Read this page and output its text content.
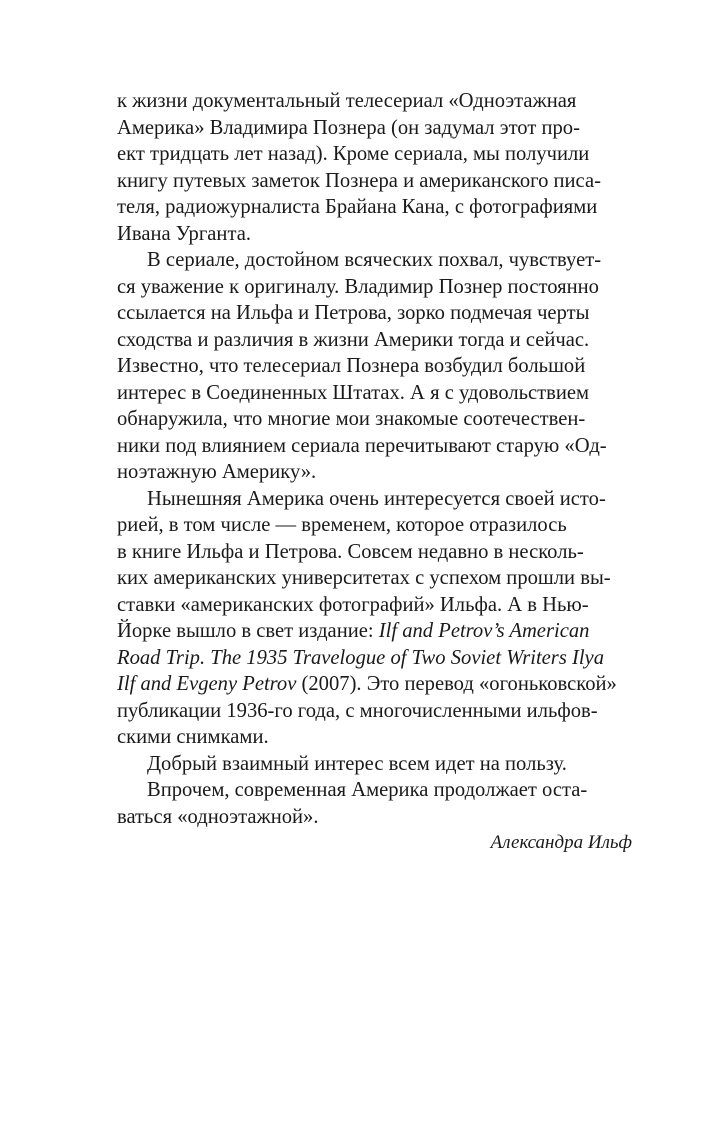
к жизни документальный телесериал «Одноэтажная
Америка» Владимира Познера (он задумал этот про-
ект тридцать лет назад). Кроме сериала, мы получили
книгу путевых заметок Познера и американского писа-
теля, радиожурналиста Брайана Кана, с фотографиями
Ивана Урганта.
В сериале, достойном всяческих похвал, чувствует-
ся уважение к оригиналу. Владимир Познер постоянно
ссылается на Ильфа и Петрова, зорко подмечая черты
сходства и различия в жизни Америки тогда и сейчас.
Известно, что телесериал Познера возбудил большой
интерес в Соединенных Штатах. А я с удовольствием
обнаружила, что многие мои знакомые соотечествен-
ники под влиянием сериала перечитывают старую «Од-
ноэтажную Америку».
Нынешняя Америка очень интересуется своей исто-
рией, в том числе — временем, которое отразилось
в книге Ильфа и Петрова. Совсем недавно в несколь-
ких американских университетах с успехом прошли вы-
ставки «американских фотографий» Ильфа. А в Нью-
Йорке вышло в свет издание: Ilf and Petrov’s American
Road Trip. The 1935 Travelogue of Two Soviet Writers Ilya
Ilf and Evgeny Petrov (2007). Это перевод «огоньковской»
публикации 1936-го года, с многочисленными ильфов-
скими снимками.
Добрый взаимный интерес всем идет на пользу.
Впрочем, современная Америка продолжает оста-
ваться «одноэтажной».
Александра Ильф
